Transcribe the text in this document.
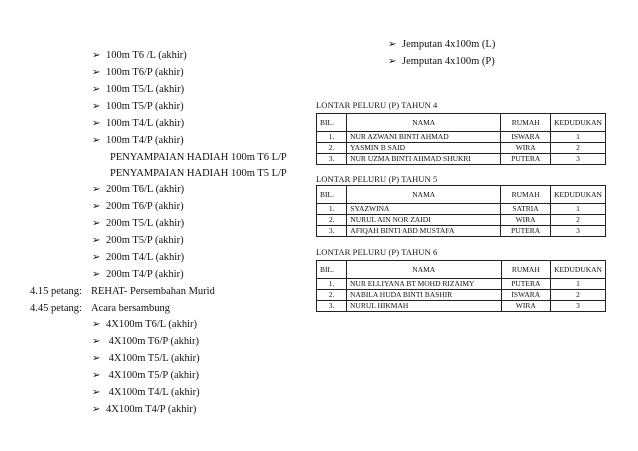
➢ 100m T6 /L (akhir)
➢ 100m T6/P (akhir)
➢ 100m T5/L (akhir)
➢ 100m T5/P (akhir)
➢ 100m T4/L (akhir)
➢ 100m T4/P (akhir)
PENYAMPAIAN HADIAH 100m T6 L/P
PENYAMPAIAN HADIAH 100m T5 L/P
➢ 200m T6/L (akhir)
➢ 200m T6/P (akhir)
➢ 200m T5/L (akhir)
➢ 200m T5/P (akhir)
➢ 200m T4/L (akhir)
➢ 200m T4/P (akhir)
4.15 petang : REHAT- Persembahan Murid
4.45 petang : Acara bersambung
➢ 4X100m T6/L (akhir)
➢ 4X100m T6/P (akhir)
➢ 4X100m T5/L (akhir)
➢ 4X100m T5/P (akhir)
➢ 4X100m T4/L (akhir)
➢ 4X100m T4/P (akhir)
➢ Jemputan 4x100m (L)
➢ Jemputan 4x100m (P)
LONTAR PELURU (P) TAHUN 4
BIL.	NAMA	RUMAH	KEDUDUKAN
1.	NUR AZWANI BINTI AHMAD	ISWARA	1
2.	YASMIN B SAID	WIRA	2
3.	NUR UZMA BINTI AHMAD SHUKRI	PUTERA	3
LONTAR PELURU (P) TAHUN 5
BIL.	NAMA	RUMAH	KEDUDUKAN
1.	SYAZWINA	SATRIA	1
2.	NURUL AIN NOR ZAIDI	WIRA	2
3.	AFIQAH BINTI ABD MUSTAFA	PUTERA	3
LONTAR PELURU (P) TAHUN 6
BIL.	NAMA	RUMAH	KEDUDUKAN
1.	NUR ELLIYANA BT MOHD RIZAIMY	PUTERA	1
2.	NABILA HUDA BINTI BASHIR	ISWARA	2
3.	NURUL HIKMAH	WIRA	3
